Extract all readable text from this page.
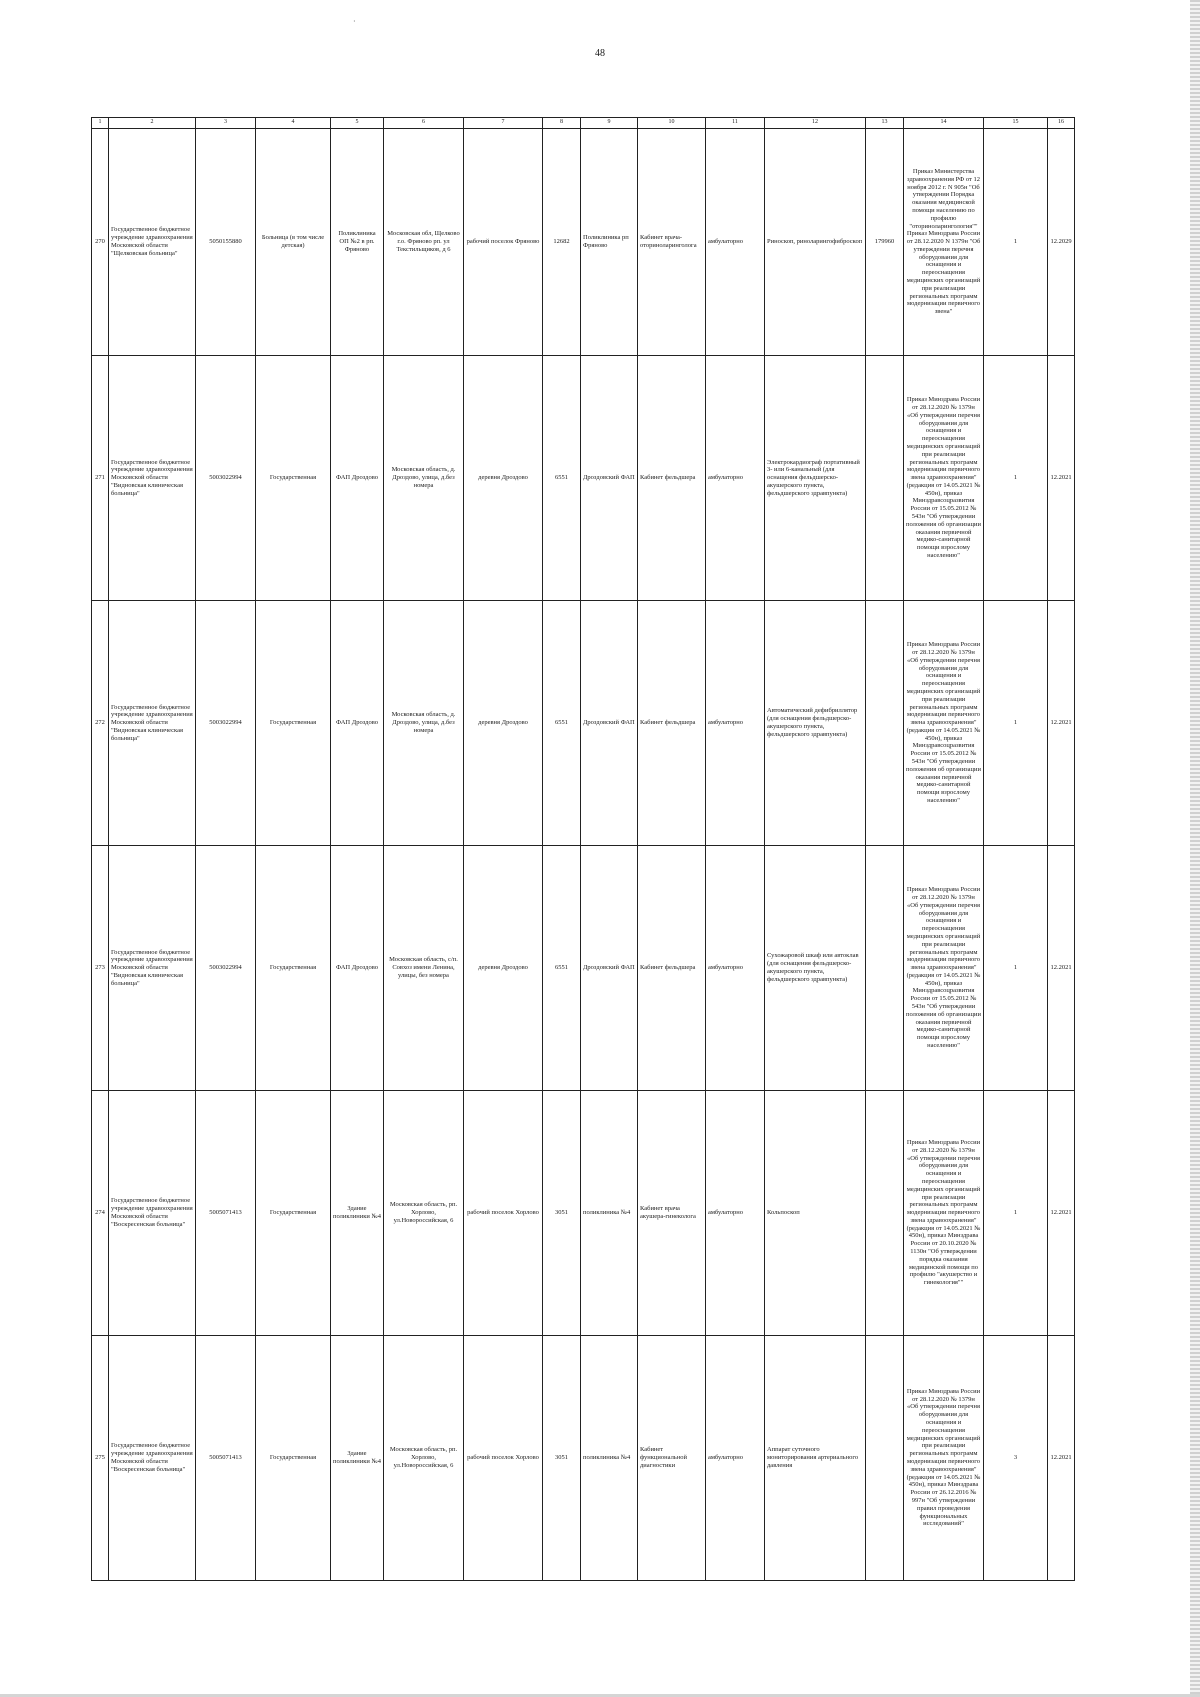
·
48
1	2	3	4	5	6	7	8	9	10	11	12	13	14	15	16
270	Государственное бюджетное учреждение здравоохранения Московской области "Щелковская больница"	5050155880	Больница (в том числе детская)	Поликлиника ОП №2 в рп. Фряново	Московская обл, Щелково г.о. Фряново рп. ул Текстильщиков, д 6	рабочий поселок Фряново	12682	Поликлиника рп Фряново	Кабинет врача-оториноларинголога	амбулаторно	Риноскоп, риноларингофиброскоп	179960	Приказ Министерства здравоохранения РФ от 12 ноября 2012 г. N 905н "Об утверждении Порядка оказания медицинской помощи населению по профилю "оториноларингология"" Приказ Минздрава России от 28.12.2020 N 1379н "Об утверждении перечня оборудования для оснащения и переоснащения медицинских организаций при реализации региональных программ модернизации первичного звена"	1	12.2029
271	Государственное бюджетное учреждение здравоохранения Московской области "Видновская клиническая больница"	5003022994	Государственная	ФАП Дроздово	Московская область, д. Дроздово, улица, д.без номера	деревня Дроздово	6551	Дроздовский ФАП	Кабинет фельдшера	амбулаторно	Электрокардиограф портативный 3- или 6-канальный (для оснащения фельдшерско-акушерского пункта, фельдшерского здравпункта)		Приказ Минздрава России от 28.12.2020 № 1379н «Об утверждении перечня оборудования для оснащения и переоснащения медицинских организаций при реализации региональных программ модернизации первичного звена здравоохранения"(редакция от 14.05.2021 № 450н), приказ Минздравсоцразвития России от 15.05.2012 № 543н "Об утверждении положения об организации оказания первичной медико-санитарной помощи взрослому населению"	1	12.2021
272	Государственное бюджетное учреждение здравоохранения Московской области "Видновская клиническая больница"	5003022994	Государственная	ФАП Дроздово	Московская область, д. Дроздово, улица, д.без номера	деревня Дроздово	6551	Дроздовский ФАП	Кабинет фельдшера	амбулаторно	Автоматический дефибриллятор (для оснащения фельдшерско-акушерского пункта, фельдшерского здравпункта)		Приказ Минздрава России от 28.12.2020 № 1379н «Об утверждении перечня оборудования для оснащения и переоснащения медицинских организаций при реализации региональных программ модернизации первичного звена здравоохранения"(редакция от 14.05.2021 № 450н), приказ Минздравсоцразвития России от 15.05.2012 № 543н "Об утверждении положения об организации оказания первичной медико-санитарной помощи взрослому населению"	1	12.2021
273	Государственное бюджетное учреждение здравоохранения Московской области "Видновская клиническая больница"	5003022994	Государственная	ФАП Дроздово	Московская область, с/п. Совхоз имени Ленина, улицы, без номера	деревня Дроздово	6551	Дроздовский ФАП	Кабинет фельдшера	амбулаторно	Сухожаровой шкаф или автоклав (для оснащения фельдшерско-акушерского пункта, фельдшерского здравпункта)		Приказ Минздрава России от 28.12.2020 № 1379н «Об утверждении перечня оборудования для оснащения и переоснащения медицинских организаций при реализации региональных программ модернизации первичного звена здравоохранения"(редакция от 14.05.2021 № 450н), приказ Минздравсоцразвития России от 15.05.2012 № 543н "Об утверждении положения об организации оказания первичной медико-санитарной помощи взрослому населению"	1	12.2021
274	Государственное бюджетное учреждение здравоохранения Московской области "Воскресенская больница"	5005071413	Государственная	Здание поликлиники №4	Московская область, рп. Хорлово, ул.Новороссийская, 6	рабочий поселок Хорлово	3051	поликлиника №4	Кабинет врача акушера-гинеколога	амбулаторно	Кольпоскоп		Приказ Минздрава России от 28.12.2020 № 1379н «Об утверждении перечня оборудования для оснащения и переоснащения медицинских организаций при реализации региональных программ модернизации первичного звена здравоохранения"(редакция от 14.05.2021 № 450н), приказ Минздрава России от 20.10.2020 № 1130н "Об утверждении порядка оказания медицинской помощи по профилю "акушерство и гинекология""	1	12.2021
275	Государственное бюджетное учреждение здравоохранения Московской области "Воскресенская больница"	5005071413	Государственная	Здание поликлиники №4	Московская область, рп. Хорлово, ул.Новороссийская, 6	рабочий поселок Хорлово	3051	поликлиника №4	Кабинет функциональной диагностики	амбулаторно	Аппарат суточного мониторирования артериального давления		Приказ Минздрава России от 28.12.2020 № 1379н «Об утверждении перечня оборудования для оснащения и переоснащения медицинских организаций при реализации региональных программ модернизации первичного звена здравоохранения"(редакция от 14.05.2021 № 450н), приказ Минздрава России от 26.12.2016 № 997н "Об утверждении правил проведения функциональных исследований"	3	12.2021
